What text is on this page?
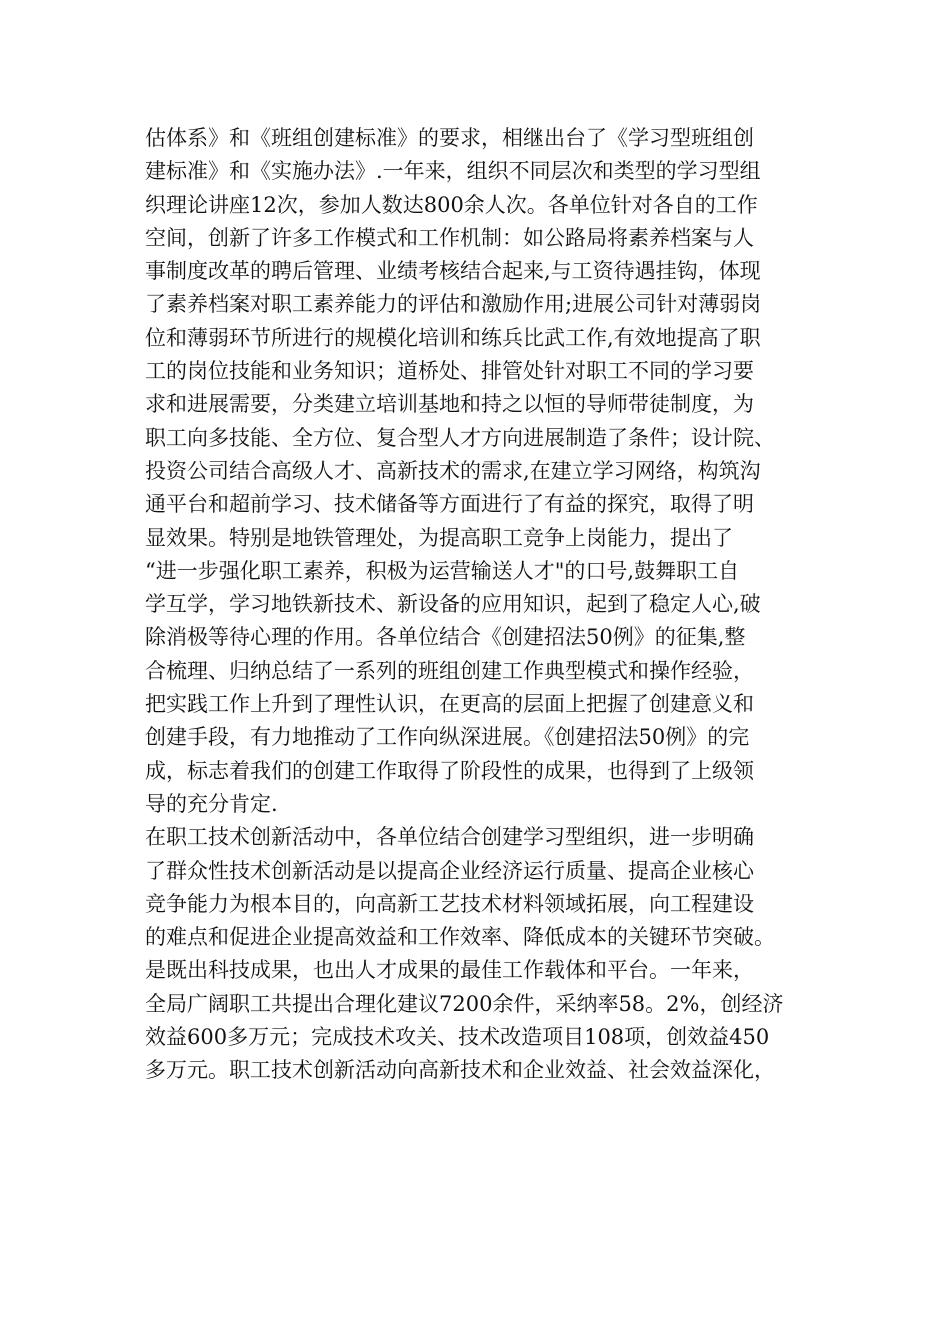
估体系》和《班组创建标准》的要求，相继出台了《学习型班组创
建标准》和《实施办法》.一年来，组织不同层次和类型的学习型组
织理论讲座12次，参加人数达800余人次。各单位针对各自的工作
空间，创新了许多工作模式和工作机制：如公路局将素养档案与人
事制度改革的聘后管理、业绩考核结合起来,与工资待遇挂钩，体现
了素养档案对职工素养能力的评估和激励作用;进展公司针对薄弱岗
位和薄弱环节所进行的规模化培训和练兵比武工作,有效地提高了职
工的岗位技能和业务知识；道桥处、排管处针对职工不同的学习要
求和进展需要，分类建立培训基地和持之以恒的导师带徒制度，为
职工向多技能、全方位、复合型人才方向进展制造了条件；设计院、
投资公司结合高级人才、高新技术的需求,在建立学习网络，构筑沟
通平台和超前学习、技术储备等方面进行了有益的探究，取得了明
显效果。特别是地铁管理处，为提高职工竞争上岗能力，提出了
“进一步强化职工素养，积极为运营输送人才"的口号,鼓舞职工自
学互学，学习地铁新技术、新设备的应用知识，起到了稳定人心,破
除消极等待心理的作用。各单位结合《创建招法50例》的征集,整
合梳理、归纳总结了一系列的班组创建工作典型模式和操作经验，
把实践工作上升到了理性认识，在更高的层面上把握了创建意义和
创建手段，有力地推动了工作向纵深进展。《创建招法50例》的完
成，标志着我们的创建工作取得了阶段性的成果，也得到了上级领
导的充分肯定.
在职工技术创新活动中，各单位结合创建学习型组织，进一步明确
了群众性技术创新活动是以提高企业经济运行质量、提高企业核心
竞争能力为根本目的，向高新工艺技术材料领域拓展，向工程建设
的难点和促进企业提高效益和工作效率、降低成本的关键环节突破。
是既出科技成果，也出人才成果的最佳工作载体和平台。一年来，
全局广阔职工共提出合理化建议7200余件，采纳率58。2%，创经济
效益600多万元；完成技术攻关、技术改造项目108项，创效益450
多万元。职工技术创新活动向高新技术和企业效益、社会效益深化，
